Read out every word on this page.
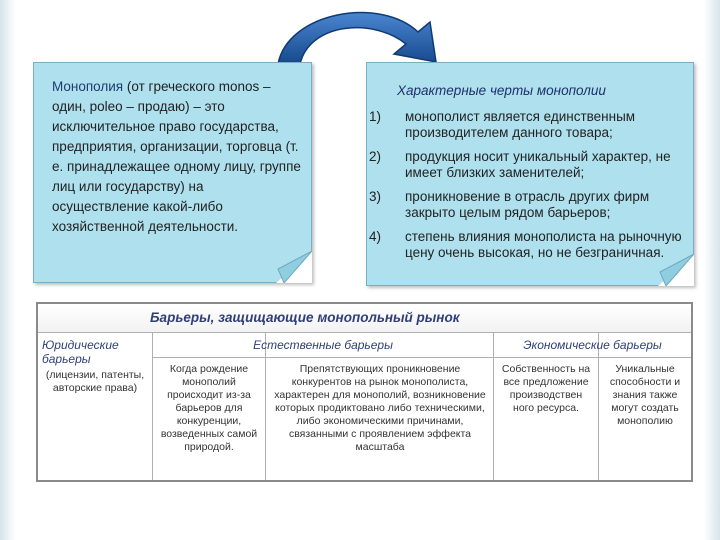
Монополия (от греческого monos – один, poleo – продаю) – это исключительное право государства, предприятия, организации, торговца (т. е. принадлежащее одному лицу, группе лиц или государству) на осуществление какой-либо хозяйственной деятельности.
Характерные черты монополии
1) монополист является единственным производителем данного товара;
2) продукция носит уникальный характер, не имеет близких заменителей;
3) проникновение в отрасль других фирм закрыто целым рядом барьеров;
4) степень влияния монополиста на рыночную цену очень высокая, но не безграничная.
Барьеры, защищающие монопольный рынок
Естественные барьеры	Экономические барьеры
Юридические барьеры
(лицензии, патенты, авторские права)
Когда рождение монополий происходит из-за барьеров для конкуренции, возведенных самой природой.
Препятствующих проникновение конкурентов на рынок монополиста, характерен для монополий, возникновение которых продиктовано либо техническими, либо экономическими причинами, связанными с проявлением эффекта масштаба
Собственность на все предложение производствен ного ресурса.
Уникальные способности и знания также могут создать монополию
